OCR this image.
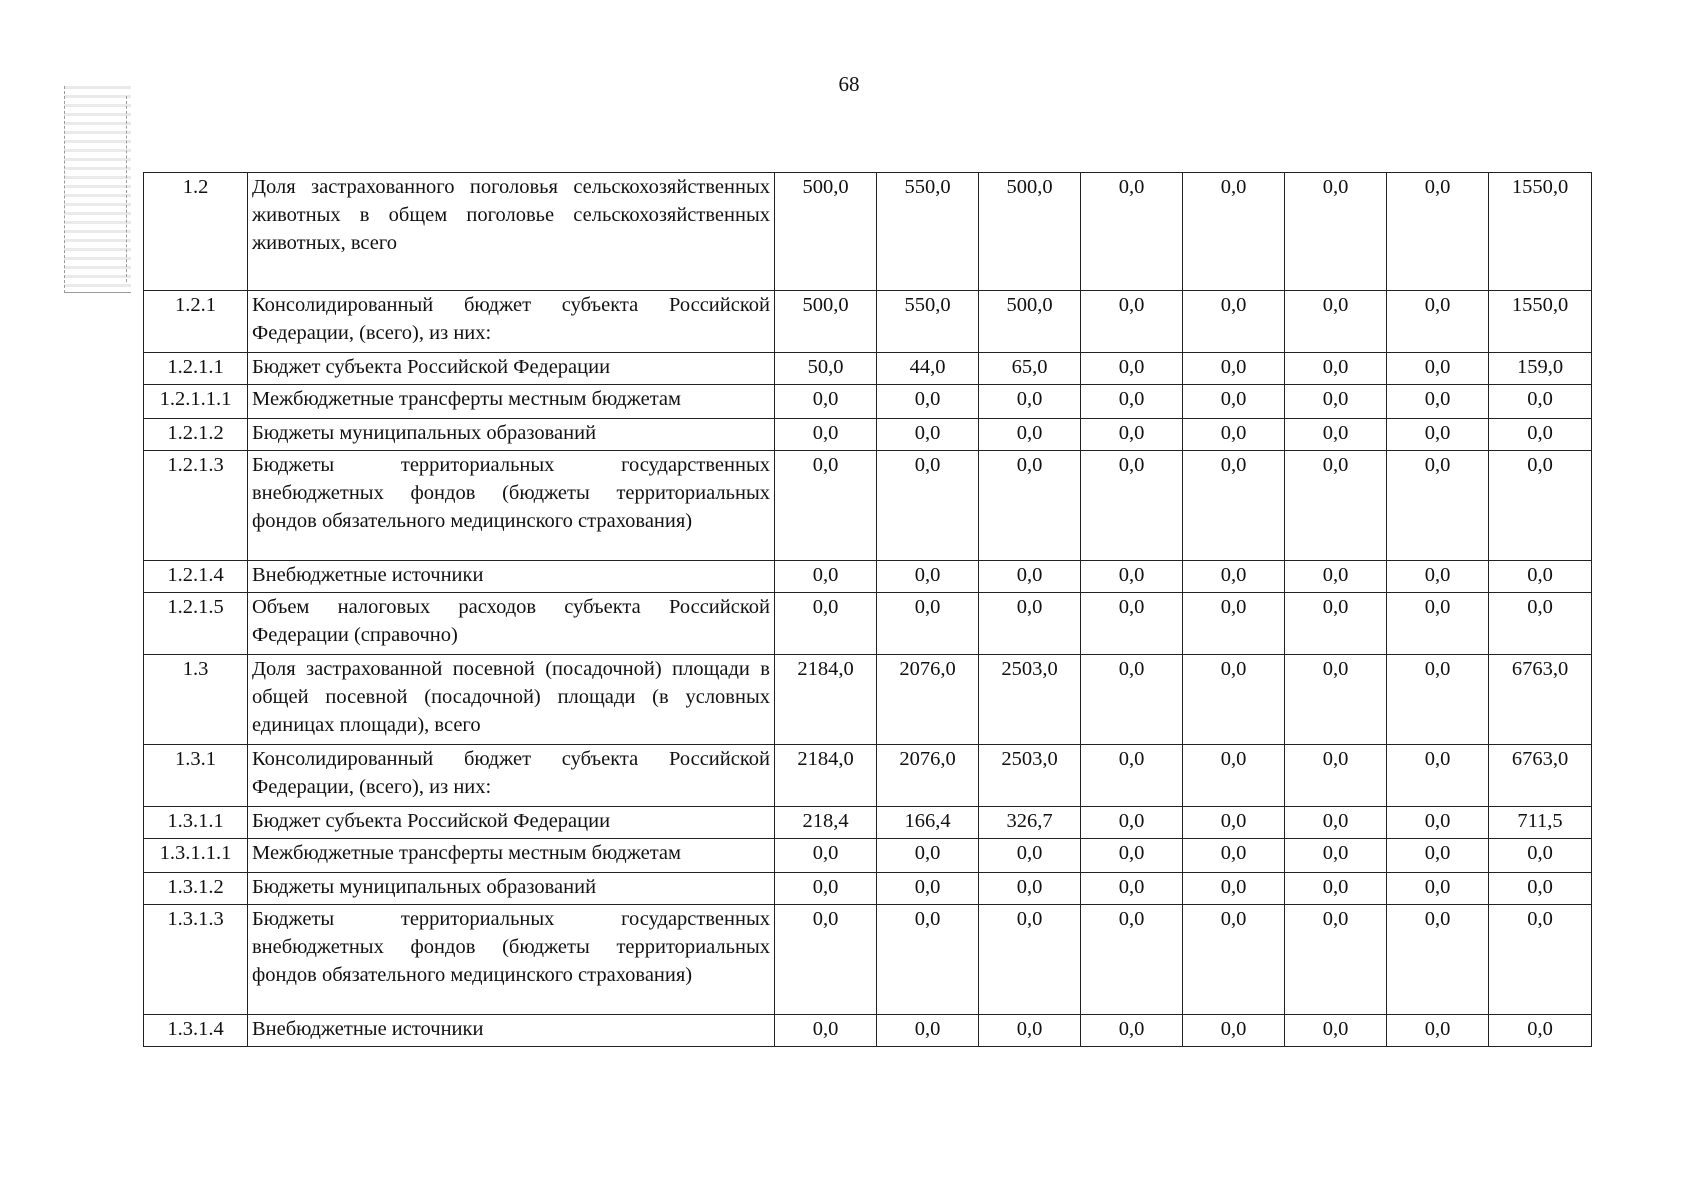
68
1.2	Доля застрахованного поголовья сельскохозяйственных животных в общем поголовье сельскохозяйственных животных, всего	500,0	550,0	500,0	0,0	0,0	0,0	0,0	1550,0
1.2.1	Консолидированный бюджет субъекта Российской Федерации, (всего), из них:	500,0	550,0	500,0	0,0	0,0	0,0	0,0	1550,0
1.2.1.1	Бюджет субъекта Российской Федерации	50,0	44,0	65,0	0,0	0,0	0,0	0,0	159,0
1.2.1.1.1	Межбюджетные трансферты местным бюджетам	0,0	0,0	0,0	0,0	0,0	0,0	0,0	0,0
1.2.1.2	Бюджеты муниципальных образований	0,0	0,0	0,0	0,0	0,0	0,0	0,0	0,0
1.2.1.3	Бюджеты территориальных государственных внебюджетных фондов (бюджеты территориальных фондов обязательного медицинского страхования)	0,0	0,0	0,0	0,0	0,0	0,0	0,0	0,0
1.2.1.4	Внебюджетные источники	0,0	0,0	0,0	0,0	0,0	0,0	0,0	0,0
1.2.1.5	Объем налоговых расходов субъекта Российской Федерации (справочно)	0,0	0,0	0,0	0,0	0,0	0,0	0,0	0,0
1.3	Доля застрахованной посевной (посадочной) площади в общей посевной (посадочной) площади (в условных единицах площади), всего	2184,0	2076,0	2503,0	0,0	0,0	0,0	0,0	6763,0
1.3.1	Консолидированный бюджет субъекта Российской Федерации, (всего), из них:	2184,0	2076,0	2503,0	0,0	0,0	0,0	0,0	6763,0
1.3.1.1	Бюджет субъекта Российской Федерации	218,4	166,4	326,7	0,0	0,0	0,0	0,0	711,5
1.3.1.1.1	Межбюджетные трансферты местным бюджетам	0,0	0,0	0,0	0,0	0,0	0,0	0,0	0,0
1.3.1.2	Бюджеты муниципальных образований	0,0	0,0	0,0	0,0	0,0	0,0	0,0	0,0
1.3.1.3	Бюджеты территориальных государственных внебюджетных фондов (бюджеты территориальных фондов обязательного медицинского страхования)	0,0	0,0	0,0	0,0	0,0	0,0	0,0	0,0
1.3.1.4	Внебюджетные источники	0,0	0,0	0,0	0,0	0,0	0,0	0,0	0,0
